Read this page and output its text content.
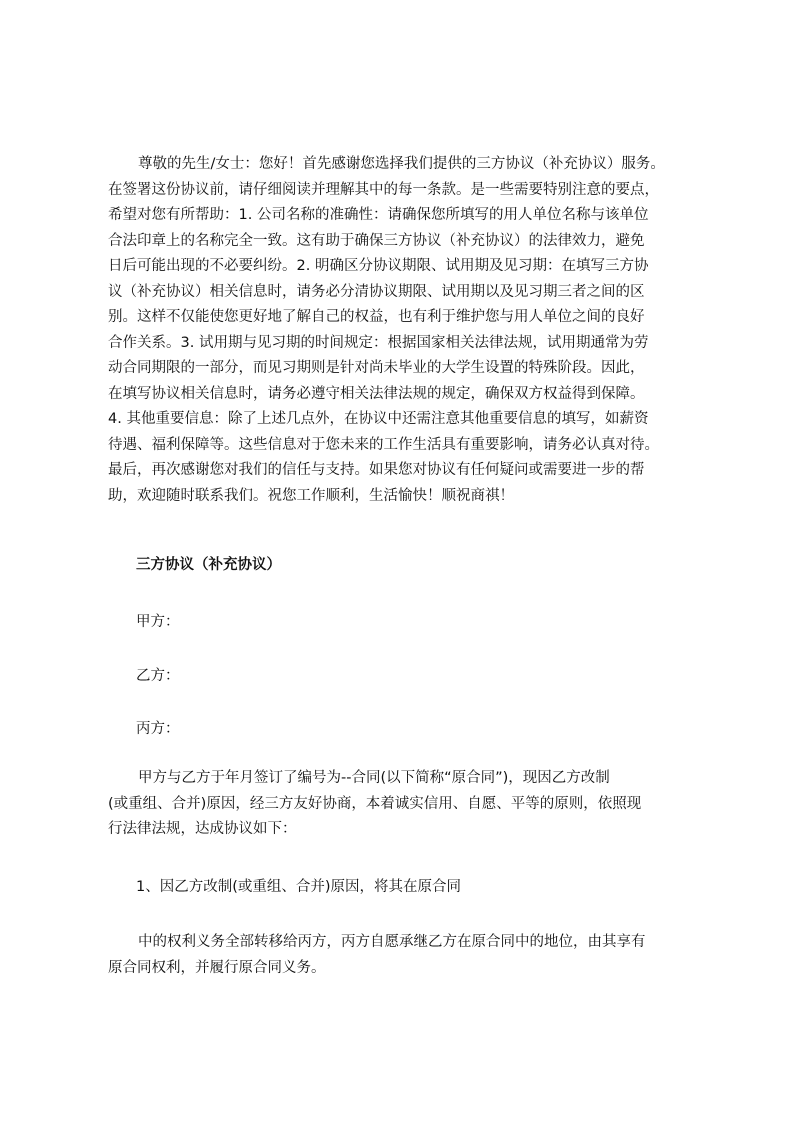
尊敬的先生/女士：您好！首先感谢您选择我们提供的三方协议（补充协议）服务。
在签署这份协议前，请仔细阅读并理解其中的每一条款。是一些需要特别注意的要点，
希望对您有所帮助：1. 公司名称的准确性：请确保您所填写的用人单位名称与该单位
合法印章上的名称完全一致。这有助于确保三方协议（补充协议）的法律效力，避免
日后可能出现的不必要纠纷。2. 明确区分协议期限、试用期及见习期：在填写三方协
议（补充协议）相关信息时，请务必分清协议期限、试用期以及见习期三者之间的区
别。这样不仅能使您更好地了解自己的权益，也有利于维护您与用人单位之间的良好
合作关系。3. 试用期与见习期的时间规定：根据国家相关法律法规，试用期通常为劳
动合同期限的一部分，而见习期则是针对尚未毕业的大学生设置的特殊阶段。因此，
在填写协议相关信息时，请务必遵守相关法律法规的规定，确保双方权益得到保障。
4. 其他重要信息：除了上述几点外，在协议中还需注意其他重要信息的填写，如薪资
待遇、福利保障等。这些信息对于您未来的工作生活具有重要影响，请务必认真对待。
最后，再次感谢您对我们的信任与支持。如果您对协议有任何疑问或需要进一步的帮
助，欢迎随时联系我们。祝您工作顺利，生活愉快！顺祝商祺！
三方协议（补充协议）
甲方：
乙方：
丙方：
甲方与乙方于年月签订了编号为--合同(以下简称“原合同”)，现因乙方改制
(或重组、合并)原因，经三方友好协商，本着诚实信用、自愿、平等的原则，依照现
行法律法规，达成协议如下：
1、因乙方改制(或重组、合并)原因，将其在原合同
中的权利义务全部转移给丙方，丙方自愿承继乙方在原合同中的地位，由其享有
原合同权利，并履行原合同义务。
